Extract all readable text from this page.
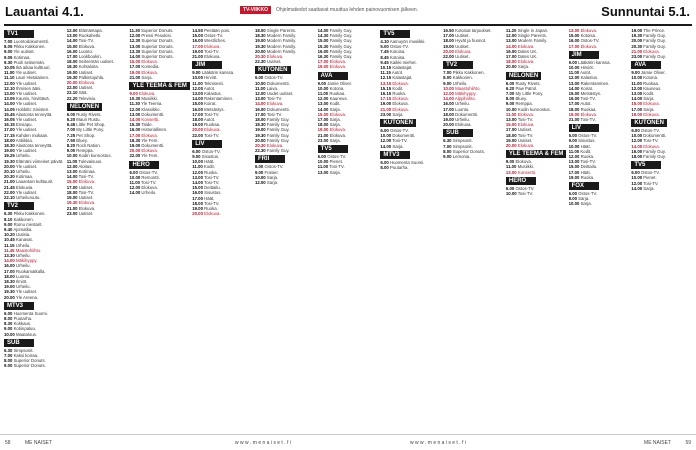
Lauantai 4.1.	TV-VIIKKO	Ohjelmatiedot saattavat muuttua lehden painovuomisen jälkeen.	Sunnuntai 5.1.
TV1
7.00 Luontodokumentti.
8.05 Pikku Kakkonen.
9.00 Yle uutiset.
9.05 Kotimaa.
9.30 Puoli seitsemän.
10.05 Ikä aikaa kulttuuri.
11.00 Yle uutiset.
11.10 Lauri Hietalainen.
12.00 Yle uutiset.
12.10 Ihmisen ääni.
13.00 Yle uutiset.
13.05 Kaunis, hirvittävä.
14.00 Yle uutiset.
14.05 Hobbitti: Sinisten.
15.45 Alastonta terveyttä.
16.05 Yle uutiset.
16.15 Ensiapu.
17.00 Yle uutiset.
17.15 Kahden mukaan.
18.00 Antiikkia.
18.30 Alastonta terveyttä.
19.00 Yle uutiset.
19.25 Urheilu.
19.30 Elämäni viimeiset päivät.
20.00 Yle uutiset.
20.10 Urheilu.
20.30 Kotimaa.
21.00 Lauantain kulttuurit.
21.45 Elokuvia.
22.00 Yle uutiset.
22.10 Urheiluruutu.
TV2
6.30 Pikku Kakkonen.
8.10 Kakkonen.
9.00 Romu mestarit.
9.40 Ajomatka.
10.20 Uutisia.
10.45 Kanavat.
11.15 Urheilu.
11.45 Maastohiihto.
13.30 Urheilu.
14.00 Mäkihyppy.
16.00 Urheilu.
17.00 Ruokamatkalla.
18.00 Luonto.
18.30 Ilmiöt.
19.00 Urheilu.
19.30 Yle uutiset.
20.00 Yle Areena.
MTV3
6.00 Huomenta Suomi.
8.00 Puutarha.
8.30 Kokkaus.
9.00 Kotiinpaluu.
10.00 Maatalous.
SUB
6.30 Simpsonit.
7.00 Kaksi koiraa.
8.00 Superior Donuts.
9.00 Superior Donuts.
12.00 Elämäntapa.
13.00 Ruokahetki.
14.00 Tosi-TV.
15.00 Elokuva.
16.00 Luonto.
17.00 Lookbookin.
18.00 Seitsemän uutiset.
18.30 Kohtaloita.
19.00 Uutiset.
19.30 Palkintojuhla.
20.00 Elokuva.
22.00 Uutiset.
22.10 Sää.
22.20 Televisio.
NELONEN
6.00 Rusty Rivets.
6.20 Mauri Rustu.
6.45 Little Pet Shop.
7.00 My Little Pony.
7.25 Pet Shop.
7.50 Bluey.
8.20 Rock Nation.
9.00 Remppa.
10.00 Kodin kunnostus.
11.00 Tulevaisuus.
12.00 Aloitus.
13.00 Kotimaa.
14.00 Tosi-TV.
15.00 Elokuva.
17.00 Uutiset.
18.00 Tosi-TV.
19.00 Uutiset.
19.30 Elokuva.
21.00 Elokuva.
23.00 Uutiset.
11.30 Superior Donuts.
12.00 Pressi Pesukisi.
12.30 Superior Donuts.
13.00 Superior Donuts.
13.30 Superior Donuts.
14.00 Superior Donuts.
15.00 Elokuva.
17.00 Komedia.
19.00 Elokuva.
21.00 Sarja.
YLE TEEMA & FEM
9.00 Elokuva.
10.30 Musiikki.
11.30 Yle Teema.
12.00 Klassikko.
13.00 Dokumentti.
14.00 Konsertti.
15.30 Taide.
16.00 Historiallinen.
17.00 Elokuva.
18.30 Yle Fem.
19.00 Dokumentti.
20.00 Elokuva.
22.00 Yle Fem.
HERO
6.00 Ostos-TV.
10.00 Remontti.
11.00 Tosi-TV.
12.00 Elokuva.
14.00 Urheilu.
14.50 Pestään pois.
15.00 Ostos-TV.
16.00 Westliches.
17.00 Elokuva.
19.00 Tosi-TV.
21.00 Elokuva.
JIM
9.00 Lääkärin kanssa.
10.00 Hirviöt.
11.00 Teknisesti.
12.00 Autot.
13.00 Kalastus.
14.00 Rakentaminen.
15.00 Koirat.
16.00 Metsästys.
17.00 Tosi-TV.
18.00 Autot.
19.00 Ruokaa.
20.00 Elokuva.
22.00 Tosi-TV.
LIV
6.00 Ostos-TV.
9.00 Sisustus.
10.00 Häät.
11.00 Kodit.
12.00 Ruoka.
13.00 Tosi-TV.
14.00 Tosi-TV.
15.00 Deittailu.
16.00 Sisustus.
17.00 Häät.
18.00 Tosi-TV.
19.00 Ruoka.
20.00 Elokuva.
18.00 Single Parents.
18.30 Modern Family.
19.00 Modern Family.
19.30 Modern Family.
20.00 Modern Family.
20.30 Elokuva.
22.30 Uutiset.
KUTONEN
6.00 Ostos-TV.
10.00 Dokumentti.
11.00 Laiva.
12.00 Uudet uutiset.
13.00 Tosi-TV.
14.00 Elokuva.
16.00 Dokumentti.
17.00 Tosi-TV.
18.00 Family Guy.
18.30 Family Guy.
19.00 Family Guy.
19.30 Family Guy.
20.00 Family Guy.
20.30 Elokuva.
22.30 Family Guy.
FRII
6.00 Ostos-TV.
9.00 Frasier.
10.00 Sarja.
12.00 Sarja.
14.00 Family Guy.
14.30 Family Guy.
15.00 Family Guy.
15.30 Family Guy.
16.00 Family Guy.
16.30 Family Guy.
17.00 Elokuva.
19.00 Elokuva.
AVA
9.00 Jamie Oliver.
10.00 Kotona.
11.00 Ruokaa.
12.00 Kauneus.
13.00 Kodit.
14.00 Sarja.
15.00 Elokuva.
17.00 Sarja.
18.00 Sarja.
19.00 Elokuva.
21.00 Elokuva.
23.00 Sarja.
TV5
6.00 Ostos-TV.
10.00 Pienet.
11.00 Tosi-TV.
13.00 Sarja.
TV5
4.10 Aamuyön musiikki.
5.00 Ostos-TV.
7.45 Kotoisa.
8.45 Kotoisa.
9.45 Kaikki miehet.
10.15 Kalastajat.
11.15 Autot.
12.15 Kalastajat.
13.15 Elokuva.
15.15 Kodit.
16.15 Ruoka.
17.15 Elokuva.
19.00 Elokuva.
21.00 Elokuva.
23.00 Sarja.
KUTONEN
6.00 Ostos-TV.
10.00 Dokumentti.
12.00 Tosi-TV.
14.00 Sarja.
MTV3
6.00 Huomenta Suomi.
8.00 Puutarha.
16.50 Kotoisat tarjoukset.
17.00 Uutiset.
18.00 Hyvät ja huonot.
19.00 Uutiset.
20.00 Elokuva.
22.00 Uutiset.
TV2
7.00 Pikku Kakkonen.
8.00 Kakkonen.
9.00 Urheilu.
10.00 Maastohiihto.
12.00 Mäkihyppy.
14.00 Alppihiihto.
16.00 Urheilu.
17.00 Luonto.
18.00 Dokumentti.
19.00 Urheilu.
20.00 Elokuva.
SUB
6.30 Simpsonit.
7.00 Simpsonit.
8.00 Superior Donuts.
9.00 Lemonia.
11.20 Single in Japan.
12.00 Single Parents.
13.00 Modern Family.
14.00 Elokuva.
16.00 Dates UK.
17.00 Dates UK.
18.00 Elokuva.
20.00 Sarja.
NELONEN
6.00 Rusty Rivets.
6.20 Paw Patrol.
7.00 My Little Pony.
8.00 Bluey.
9.00 Remppa.
10.00 Kodin kunnostus.
11.00 Elokuva.
13.00 Tosi-TV.
15.00 Elokuva.
17.00 Uutiset.
18.00 Tosi-TV.
19.00 Uutiset.
20.00 Elokuva.
YLE TEEMA & FEM
9.00 Elokuva.
11.00 Musiikki.
13.00 Konsertti.
HERO
6.00 Ostos-TV.
10.00 Tosi-TV.
13.00 Elokuva.
15.00 Kotoisa.
16.00 Ostos-TV.
17.00 Elokuva.
JIM
9.00 Lääkärin kanssa.
10.00 Hirviöt.
11.00 Autot.
12.00 Kalastus.
13.00 Rakentaminen.
14.00 Koirat.
15.00 Metsästys.
16.00 Tosi-TV.
17.00 Autot.
18.00 Ruokaa.
19.00 Elokuva.
21.00 Tosi-TV.
LIV
6.00 Ostos-TV.
9.00 Sisustus.
10.00 Häät.
11.00 Kodit.
12.00 Ruoka.
13.00 Tosi-TV.
15.00 Deittailu.
17.00 Häät.
19.00 Ruoka.
FOX
6.00 Ostos-TV.
8.00 Sarja.
10.00 Sarja.
19.00 The Prince.
19.30 Family Guy.
20.00 Family Guy.
20.30 Family Guy.
21.00 Elokuva.
23.00 Family Guy.
AVA
9.00 Jamie Oliver.
10.00 Kotona.
11.00 Ruokaa.
12.00 Kauneus.
13.00 Kodit.
14.00 Sarja.
15.00 Elokuva.
17.00 Sarja.
19.00 Elokuva.
KUTONEN
6.00 Ostos-TV.
10.00 Dokumentti.
12.00 Tosi-TV.
14.00 Elokuva.
16.00 Family Guy.
18.00 Family Guy.
TV5
6.00 Ostos-TV.
10.00 Pienet.
12.00 Tosi-TV.
14.00 Sarja.
58	ME NAISET	w w w . m e n a i s e t . f i	w w w . m e n a i s e t . f i	ME NAISET	59
